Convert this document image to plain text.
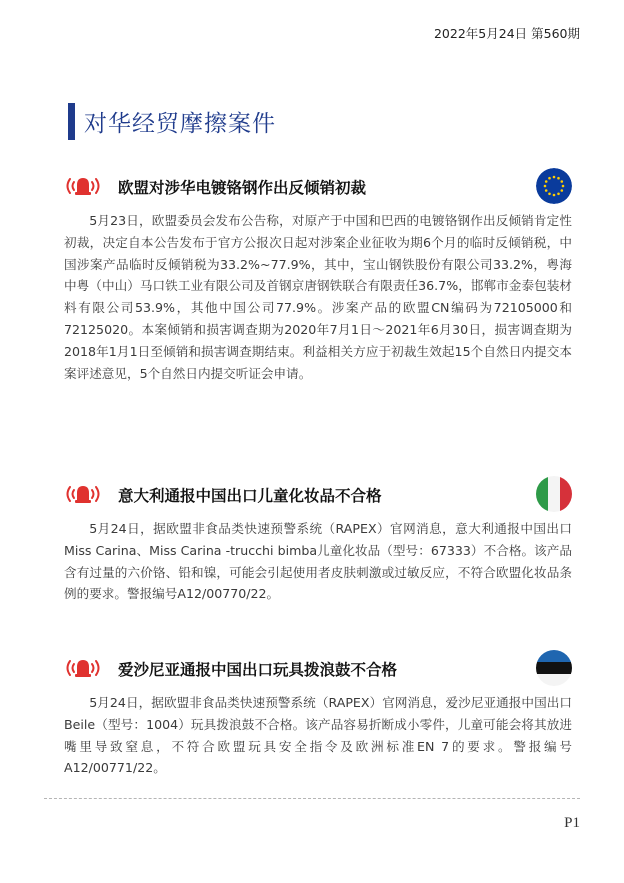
2022年5月24日 第560期
对华经贸摩擦案件
欧盟对涉华电镀铬钢作出反倾销初裁
5月23日，欧盟委员会发布公告称，对原产于中国和巴西的电镀铬钢作出反倾销肯定性初裁，决定自本公告发布于官方公报次日起对涉案企业征收为期6个月的临时反倾销税，中国涉案产品临时反倾销税为33.2%~77.9%，其中，宝山钢铁股份有限公司33.2%，粤海中粤（中山）马口铁工业有限公司及首钢京唐钢铁联合有限责任36.7%，邯郸市金泰包装材料有限公司53.9%，其他中国公司77.9%。涉案产品的欧盟CN编码为72105000和72125020。本案倾销和损害调查期为2020年7月1日～2021年6月30日，损害调查期为2018年1月1日至倾销和损害调查期结束。利益相关方应于初裁生效起15个自然日内提交本案评述意见，5个自然日内提交听证会申请。
意大利通报中国出口儿童化妆品不合格
5月24日，据欧盟非食品类快速预警系统（RAPEX）官网消息，意大利通报中国出口Miss Carina、Miss Carina -trucchi bimba儿童化妆品（型号：67333）不合格。该产品含有过量的六价铬、铅和镍，可能会引起使用者皮肤刺激或过敏反应，不符合欧盟化妆品条例的要求。警报编号A12/00770/22。
爱沙尼亚通报中国出口玩具拨浪鼓不合格
5月24日，据欧盟非食品类快速预警系统（RAPEX）官网消息，爱沙尼亚通报中国出口Beile（型号：1004）玩具拨浪鼓不合格。该产品容易折断成小零件，儿童可能会将其放进嘴里导致窒息，不符合欧盟玩具安全指令及欧洲标准EN 7的要求。警报编号A12/00771/22。
P1
